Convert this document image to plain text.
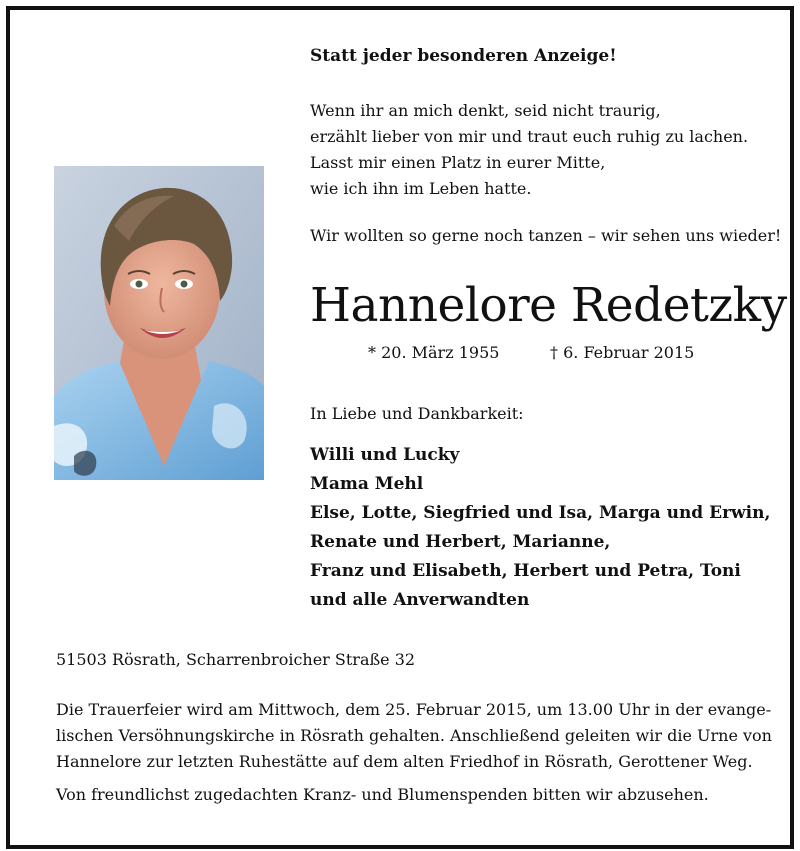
Statt jeder besonderen Anzeige!
Wenn ihr an mich denkt, seid nicht traurig,
erzählt lieber von mir und traut euch ruhig zu lachen.
Lasst mir einen Platz in eurer Mitte,
wie ich ihn im Leben hatte.
Wir wollten so gerne noch tanzen – wir sehen uns wieder!
Hannelore Redetzky
* 20. März 1955	† 6. Februar 2015
In Liebe und Dankbarkeit:
Willi und Lucky
Mama Mehl
Else, Lotte, Siegfried und Isa, Marga und Erwin,
Renate und Herbert, Marianne,
Franz und Elisabeth, Herbert und Petra, Toni
und alle Anverwandten
51503 Rösrath, Scharrenbroicher Straße 32
Die Trauerfeier wird am Mittwoch, dem 25. Februar 2015, um 13.00 Uhr in der evange-
lischen Versöhnungskirche in Rösrath gehalten. Anschließend geleiten wir die Urne von
Hannelore zur letzten Ruhestätte auf dem alten Friedhof in Rösrath, Gerottener Weg.
Von freundlichst zugedachten Kranz- und Blumenspenden bitten wir abzusehen.
